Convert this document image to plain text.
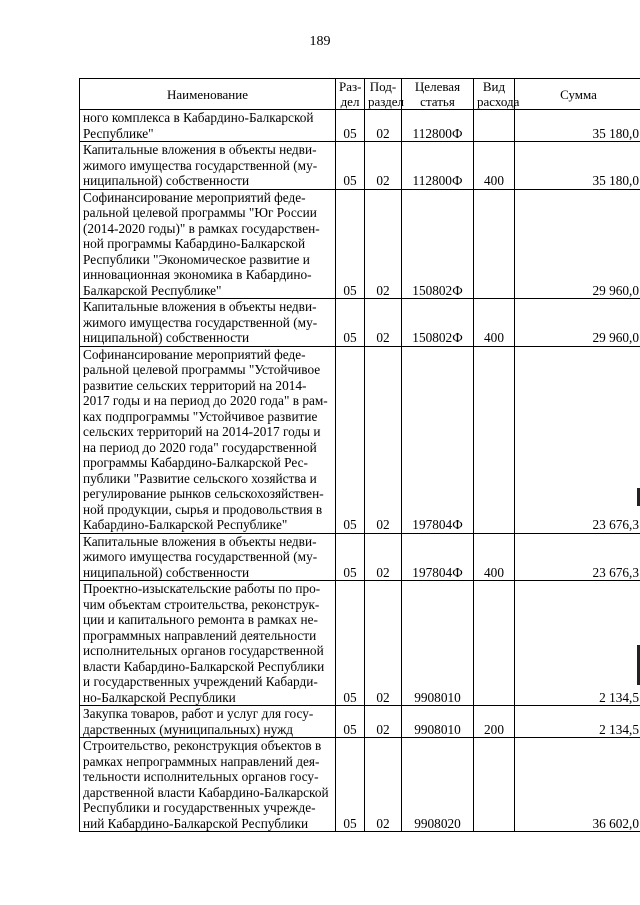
189
Наименование	Раз-дел	Под-раздел	Целевая статья	Вид расхода	Сумма
ного комплекса в Кабардино-Балкарской Республике"	05	02	112800Ф		35 180,0
Капитальные вложения в объекты недви-жимого имущества государственной (му-ниципальной) собственности	05	02	112800Ф	400	35 180,0
Софинансирование мероприятий феде-ральной целевой программы "Юг России (2014-2020 годы)" в рамках государствен-ной программы Кабардино-Балкарской Республики "Экономическое развитие и инновационная экономика в Кабардино-Балкарской Республике"	05	02	150802Ф		29 960,0
Капитальные вложения в объекты недви-жимого имущества государственной (му-ниципальной) собственности	05	02	150802Ф	400	29 960,0
Софинансирование мероприятий феде-ральной целевой программы "Устойчивое развитие сельских территорий на 2014-2017 годы и на период до 2020 года" в рам-ках подпрограммы "Устойчивое развитие сельских территорий на 2014-2017 годы и на период до 2020 года" государственной программы Кабардино-Балкарской Рес-публики "Развитие сельского хозяйства и регулирование рынков сельскохозяйствен-ной продукции, сырья и продовольствия в Кабардино-Балкарской Республике"	05	02	197804Ф		23 676,3
Капитальные вложения в объекты недви-жимого имущества государственной (му-ниципальной) собственности	05	02	197804Ф	400	23 676,3
Проектно-изыскательские работы по про-чим объектам строительства, реконструк-ции и капитального ремонта в рамках не-программных направлений деятельности исполнительных органов государственной власти Кабардино-Балкарской Республики и государственных учреждений Кабарди-но-Балкарской Республики	05	02	9908010		2 134,5
Закупка товаров, работ и услуг для госу-дарственных (муниципальных) нужд	05	02	9908010	200	2 134,5
Строительство, реконструкция объектов в рамках непрограммных направлений дея-тельности исполнительных органов госу-дарственной власти Кабардино-Балкарской Республики и государственных учрежде-ний Кабардино-Балкарской Республики	05	02	9908020		36 602,0
